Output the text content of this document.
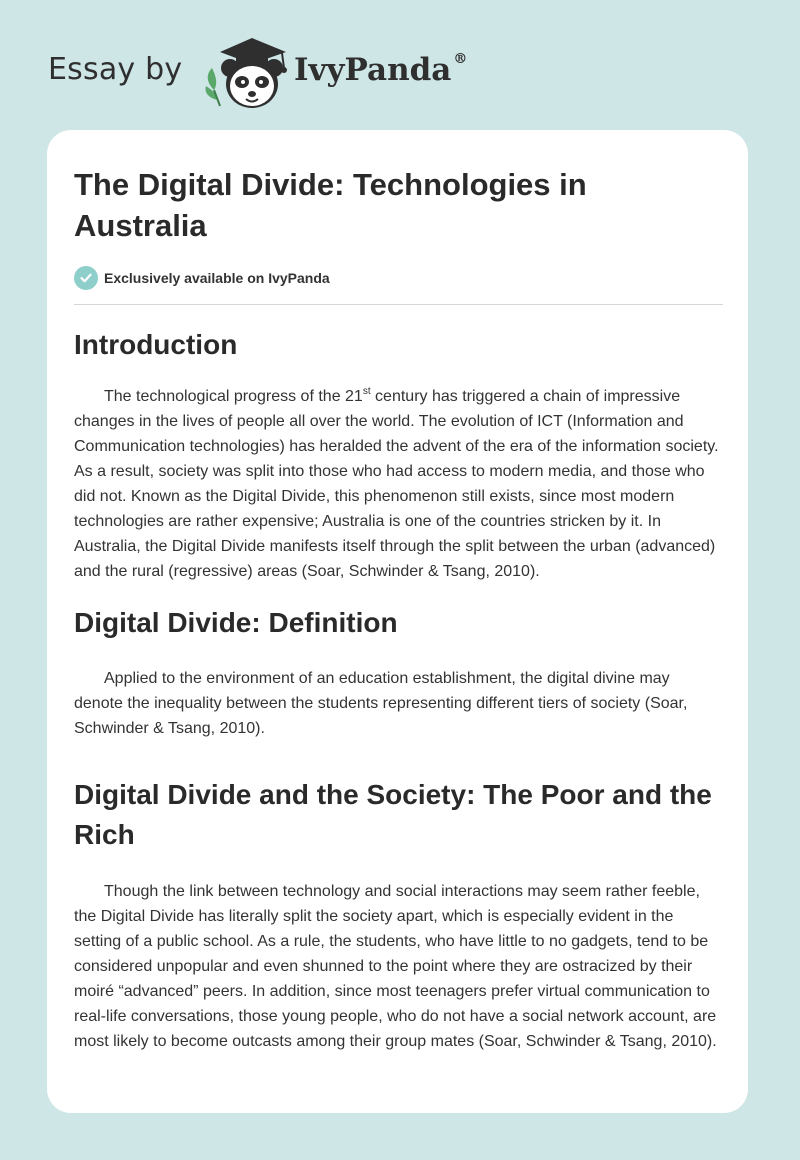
Essay by	IvyPanda ®
The Digital Divide: Technologies in Australia
Exclusively available on IvyPanda
Introduction

The technological progress of the 21st century has triggered a chain of impressive changes in the lives of people all over the world. The evolution of ICT (Information and Communication technologies) has heralded the advent of the era of the information society. As a result, society was split into those who had access to modern media, and those who did not. Known as the Digital Divide, this phenomenon still exists, since most modern technologies are rather expensive; Australia is one of the countries stricken by it. In Australia, the Digital Divide manifests itself through the split between the urban (advanced) and the rural (regressive) areas (Soar, Schwinder & Tsang, 2010).

Digital Divide: Definition

Applied to the environment of an education establishment, the digital divine may denote the inequality between the students representing different tiers of society (Soar, Schwinder & Tsang, 2010).

Digital Divide and the Society: The Poor and the Rich

Though the link between technology and social interactions may seem rather feeble, the Digital Divide has literally split the society apart, which is especially evident in the setting of a public school. As a rule, the students, who have little to no gadgets, tend to be considered unpopular and even shunned to the point where they are ostracized by their moiré “advanced” peers. In addition, since most teenagers prefer virtual communication to real-life conversations, those young people, who do not have a social network account, are most likely to become outcasts among their group mates (Soar, Schwinder & Tsang, 2010).
